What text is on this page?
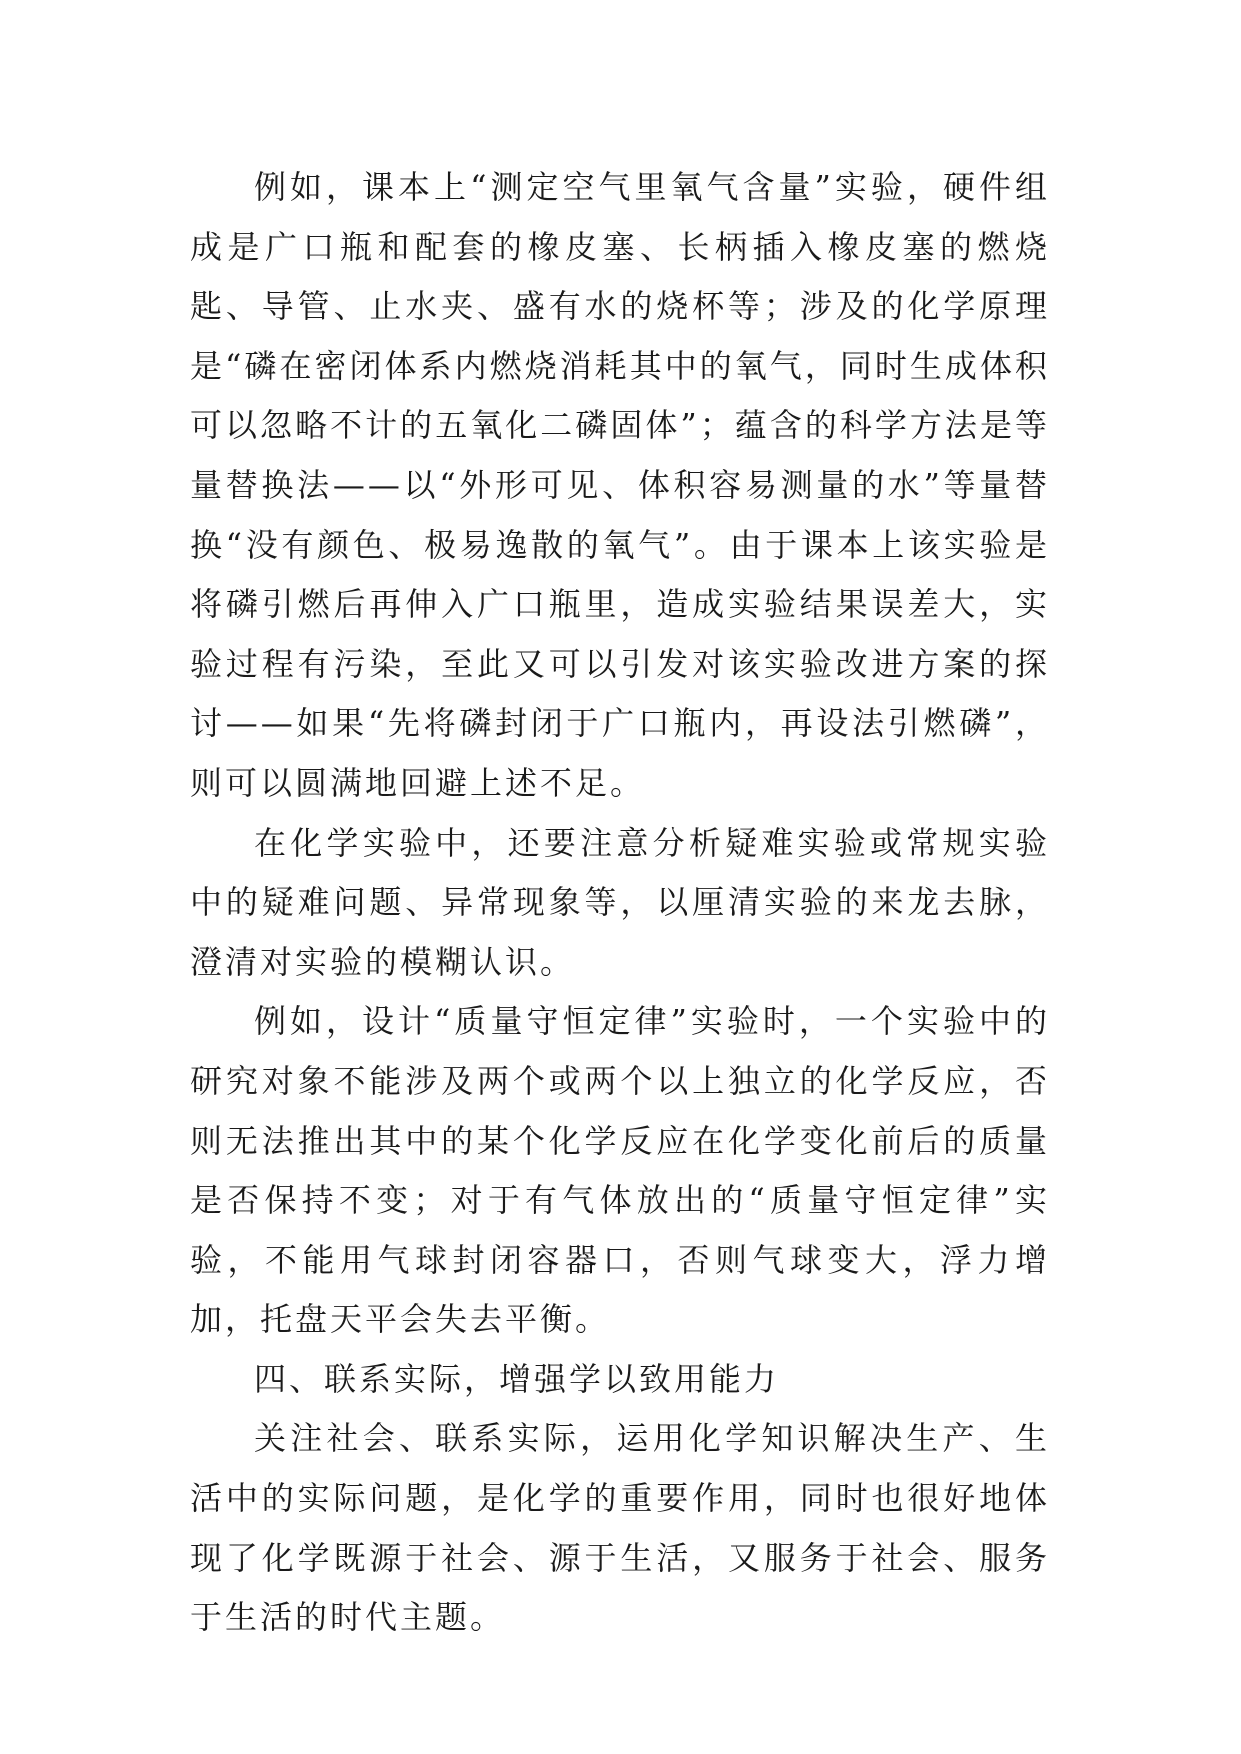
例如，课本上“测定空气里氧气含量”实验，硬件组成是广口瓶和配套的橡皮塞、长柄插入橡皮塞的燃烧匙、导管、止水夹、盛有水的烧杯等；涉及的化学原理是“磷在密闭体系内燃烧消耗其中的氧气，同时生成体积可以忽略不计的五氧化二磷固体”；蕴含的科学方法是等量替换法——以“外形可见、体积容易测量的水”等量替换“没有颜色、极易逸散的氧气”。由于课本上该实验是将磷引燃后再伸入广口瓶里，造成实验结果误差大，实验过程有污染，至此又可以引发对该实验改进方案的探讨——如果“先将磷封闭于广口瓶内，再设法引燃磷”，则可以圆满地回避上述不足。

在化学实验中，还要注意分析疑难实验或常规实验中的疑难问题、异常现象等，以厘清实验的来龙去脉，澄清对实验的模糊认识。

例如，设计“质量守恒定律”实验时，一个实验中的研究对象不能涉及两个或两个以上独立的化学反应，否则无法推出其中的某个化学反应在化学变化前后的质量是否保持不变；对于有气体放出的“质量守恒定律”实验，不能用气球封闭容器口，否则气球变大，浮力增加，托盘天平会失去平衡。

四、联系实际，增强学以致用能力

关注社会、联系实际，运用化学知识解决生产、生活中的实际问题，是化学的重要作用，同时也很好地体现了化学既源于社会、源于生活，又服务于社会、服务于生活的时代主题。
